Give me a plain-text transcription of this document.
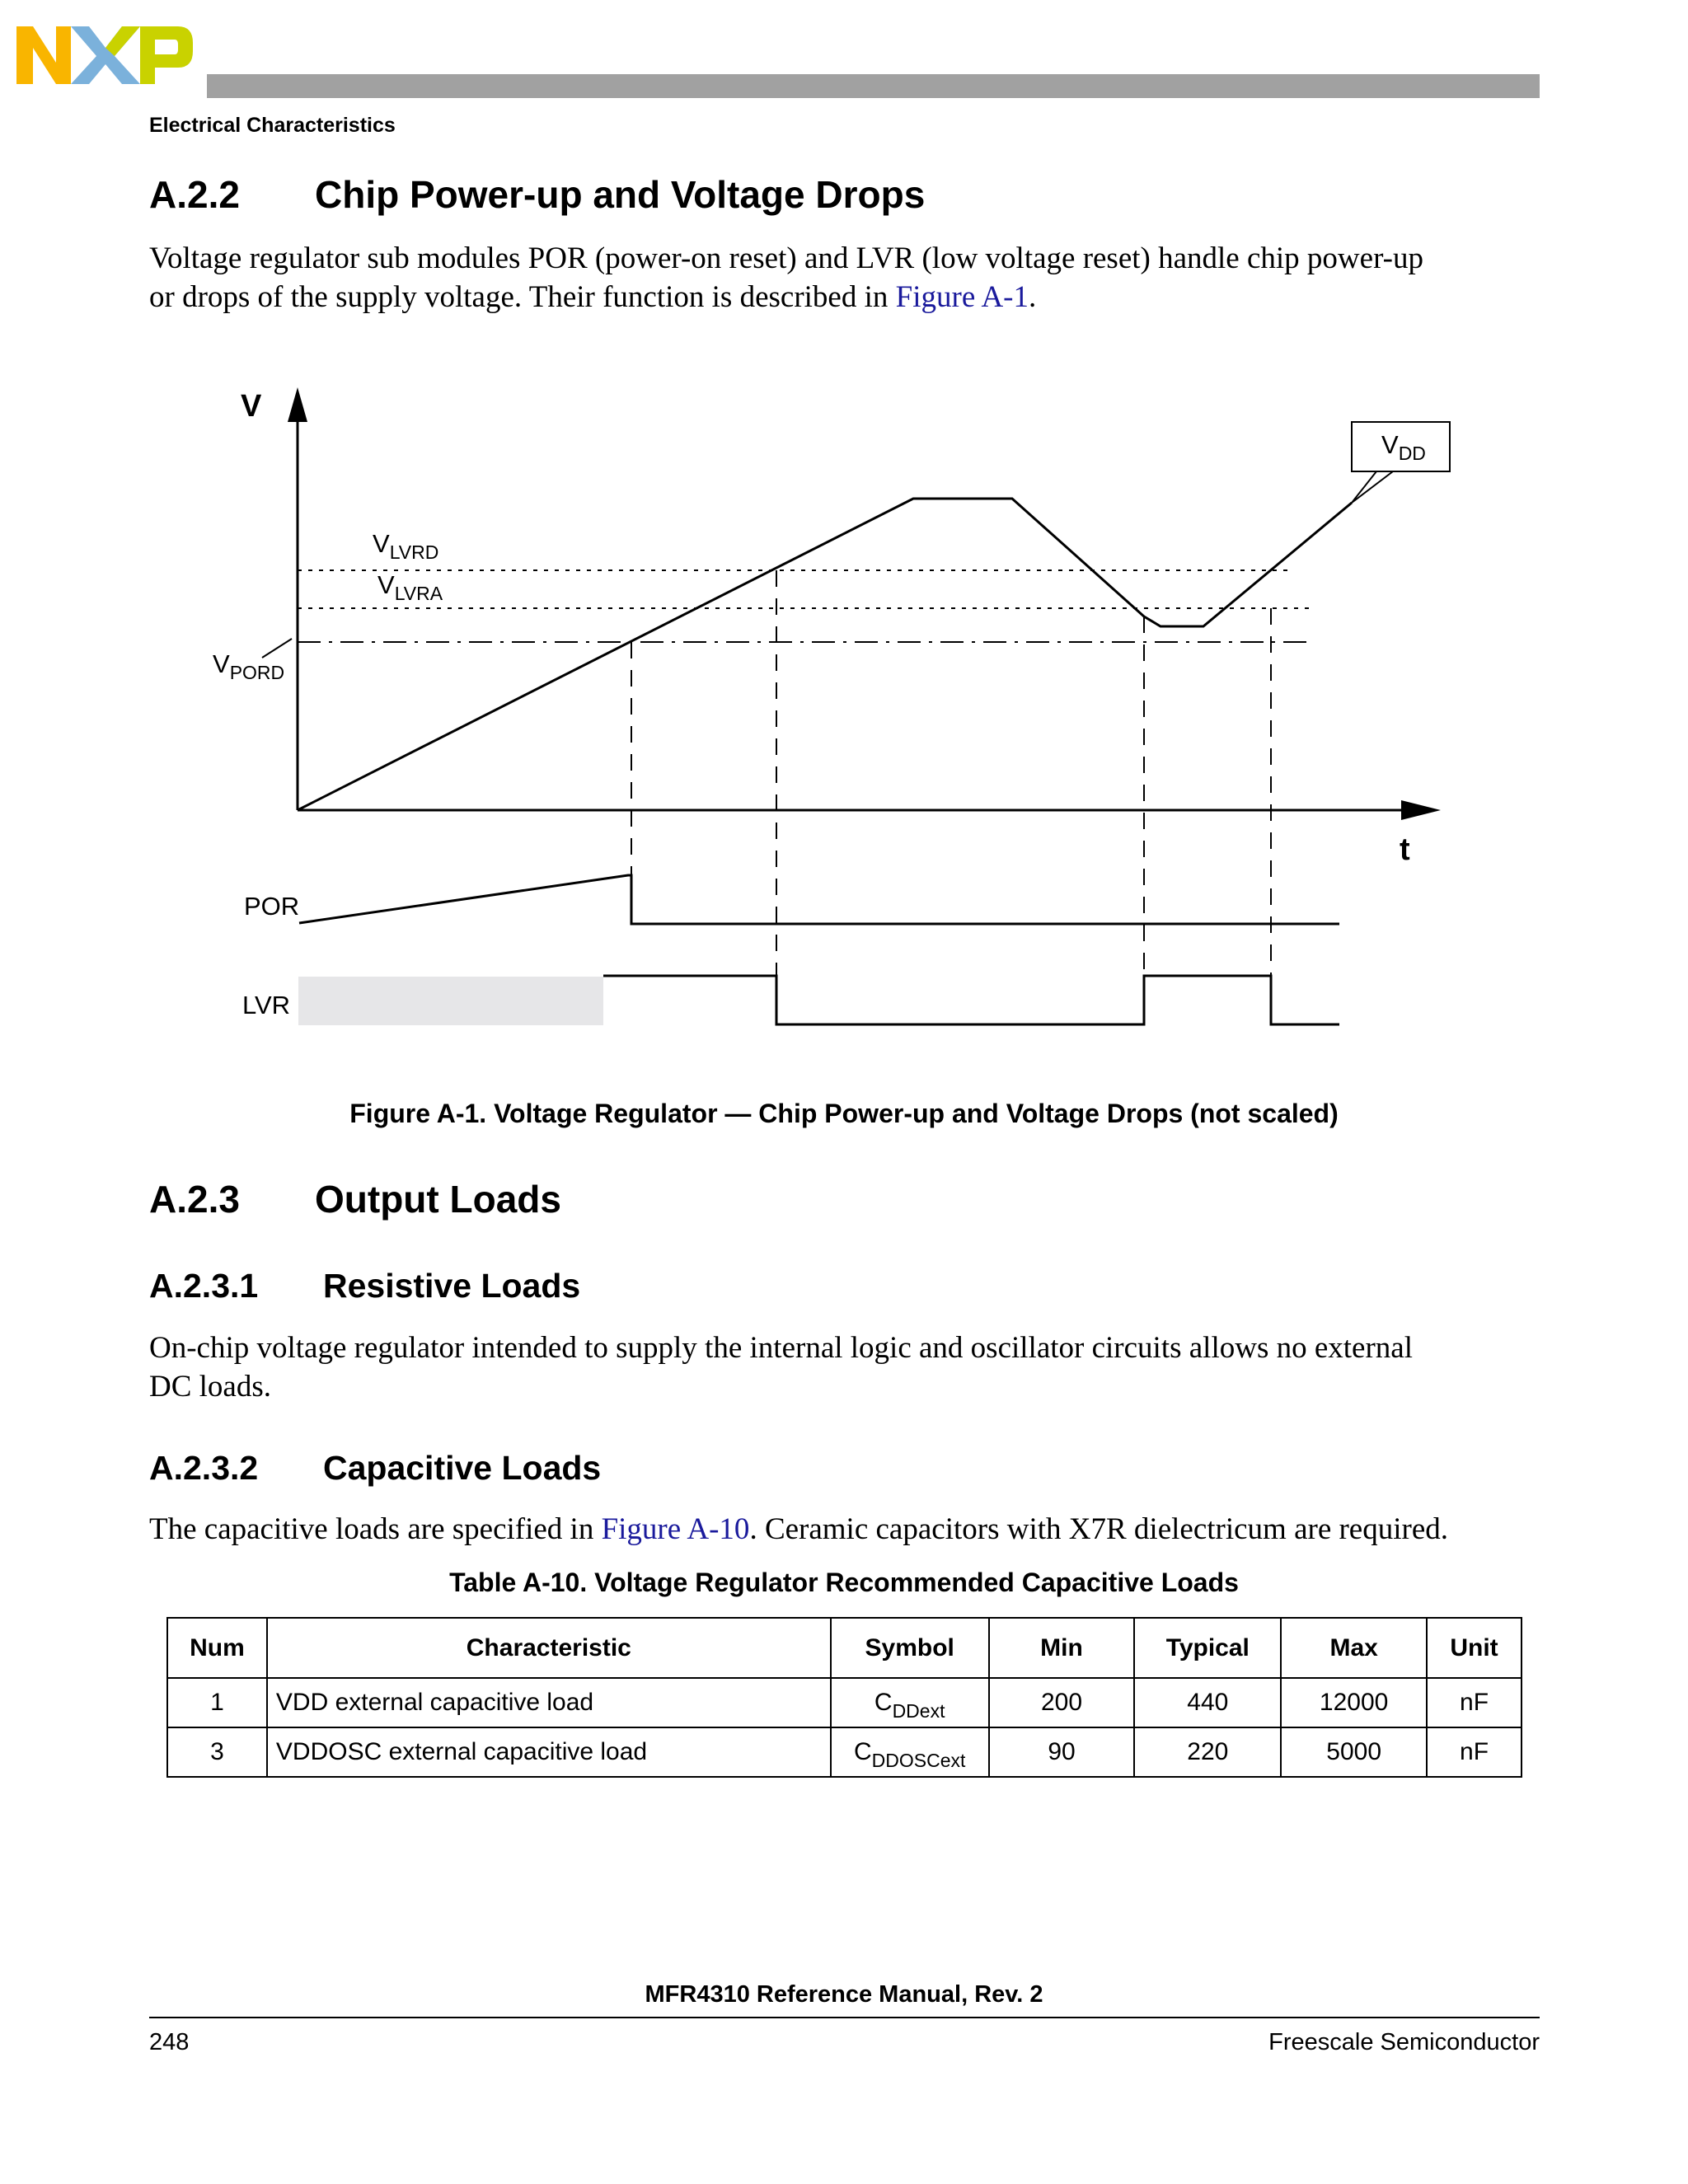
Electrical Characteristics
A.2.2 Chip Power-up and Voltage Drops
Voltage regulator sub modules POR (power-on reset) and LVR (low voltage reset) handle chip power-up
or drops of the supply voltage. Their function is described in Figure A-1.
V
t
$V_{LVRD}$
$V_{LVRA}$
$V_{PORD}$
$V_{DD}$
POR
LVR
Figure A-1. Voltage Regulator — Chip Power-up and Voltage Drops (not scaled)
A.2.3 Output Loads
A.2.3.1 Resistive Loads
On-chip voltage regulator intended to supply the internal logic and oscillator circuits allows no external
DC loads.
A.2.3.2 Capacitive Loads
The capacitive loads are specified in Figure A-10. Ceramic capacitors with X7R dielectricum are required.
Table A-10. Voltage Regulator Recommended Capacitive Loads
Num	Characteristic	Symbol	Min	Typical	Max	Unit
1	VDD external capacitive load	$C_{DDext}$	200	440	12000	nF
3	VDDOSC external capacitive load	$C_{DDOSCext}$	90	220	5000	nF
MFR4310 Reference Manual, Rev. 2
248	Freescale Semiconductor
